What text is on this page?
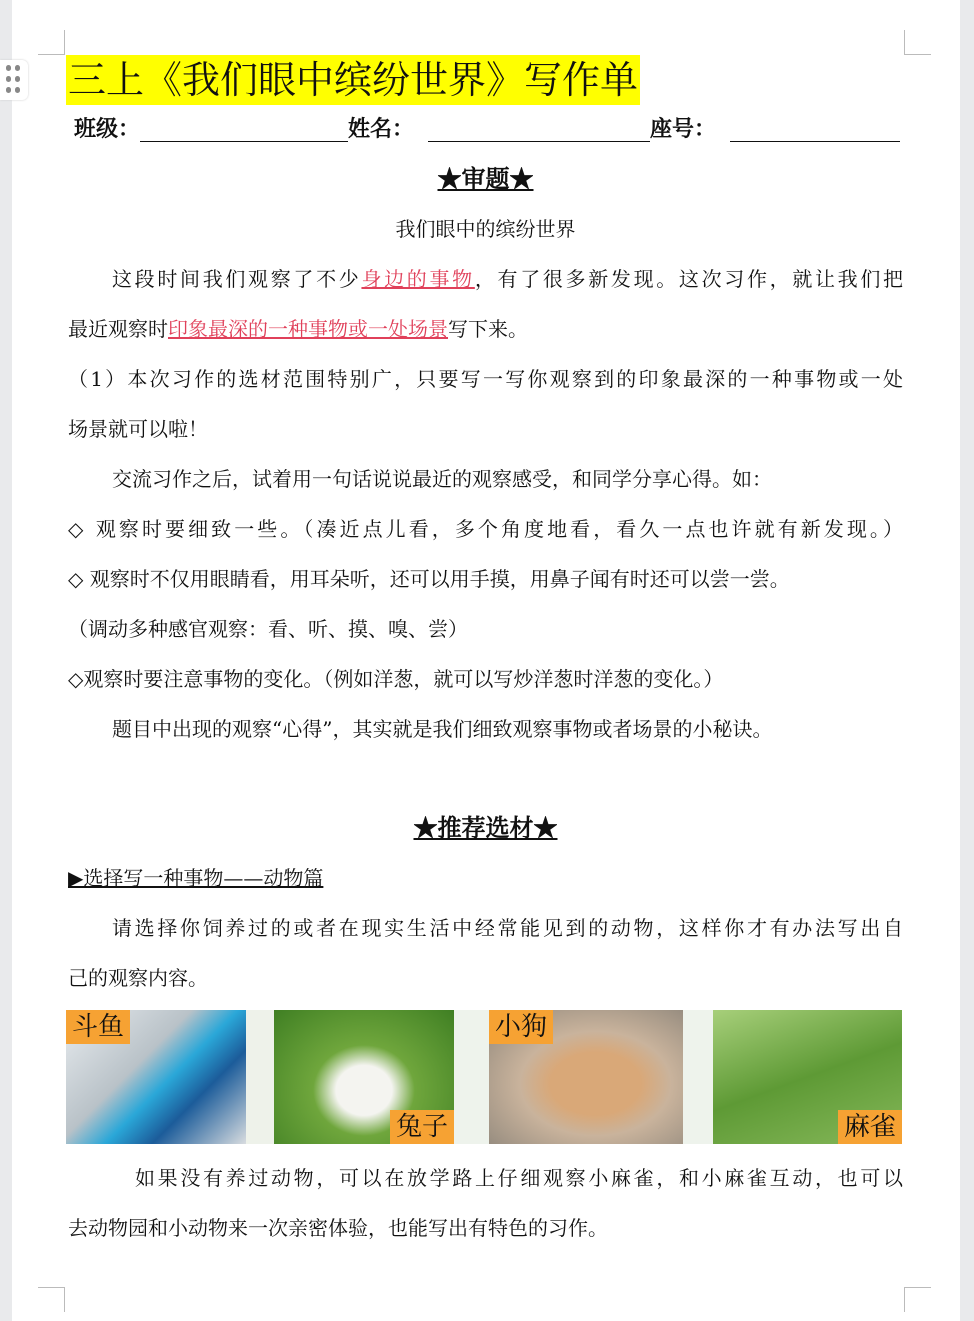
三上《我们眼中缤纷世界》写作单
班级：	姓名：	座号：
★审题★
我们眼中的缤纷世界
这段时间我们观察了不少身边的事物，有了很多新发现。这次习作，就让我们把
最近观察时印象最深的一种事物或一处场景写下来。
（1）本次习作的选材范围特别广，只要写一写你观察到的印象最深的一种事物或一处
场景就可以啦！
交流习作之后，试着用一句话说说最近的观察感受，和同学分享心得。如：
◇ 观察时要细致一些。（凑近点儿看，多个角度地看，看久一点也许就有新发现。）
◇ 观察时不仅用眼睛看，用耳朵听，还可以用手摸，用鼻子闻有时还可以尝一尝。
（调动多种感官观察：看、听、摸、嗅、尝）
◇观察时要注意事物的变化。（例如洋葱，就可以写炒洋葱时洋葱的变化。）
题目中出现的观察“心得”，其实就是我们细致观察事物或者场景的小秘诀。
★推荐选材★
▶选择写一种事物——动物篇
请选择你饲养过的或者在现实生活中经常能见到的动物，这样你才有办法写出自
己的观察内容。
斗鱼
兔子
小狗
麻雀
如果没有养过动物，可以在放学路上仔细观察小麻雀，和小麻雀互动，也可以
去动物园和小动物来一次亲密体验，也能写出有特色的习作。
